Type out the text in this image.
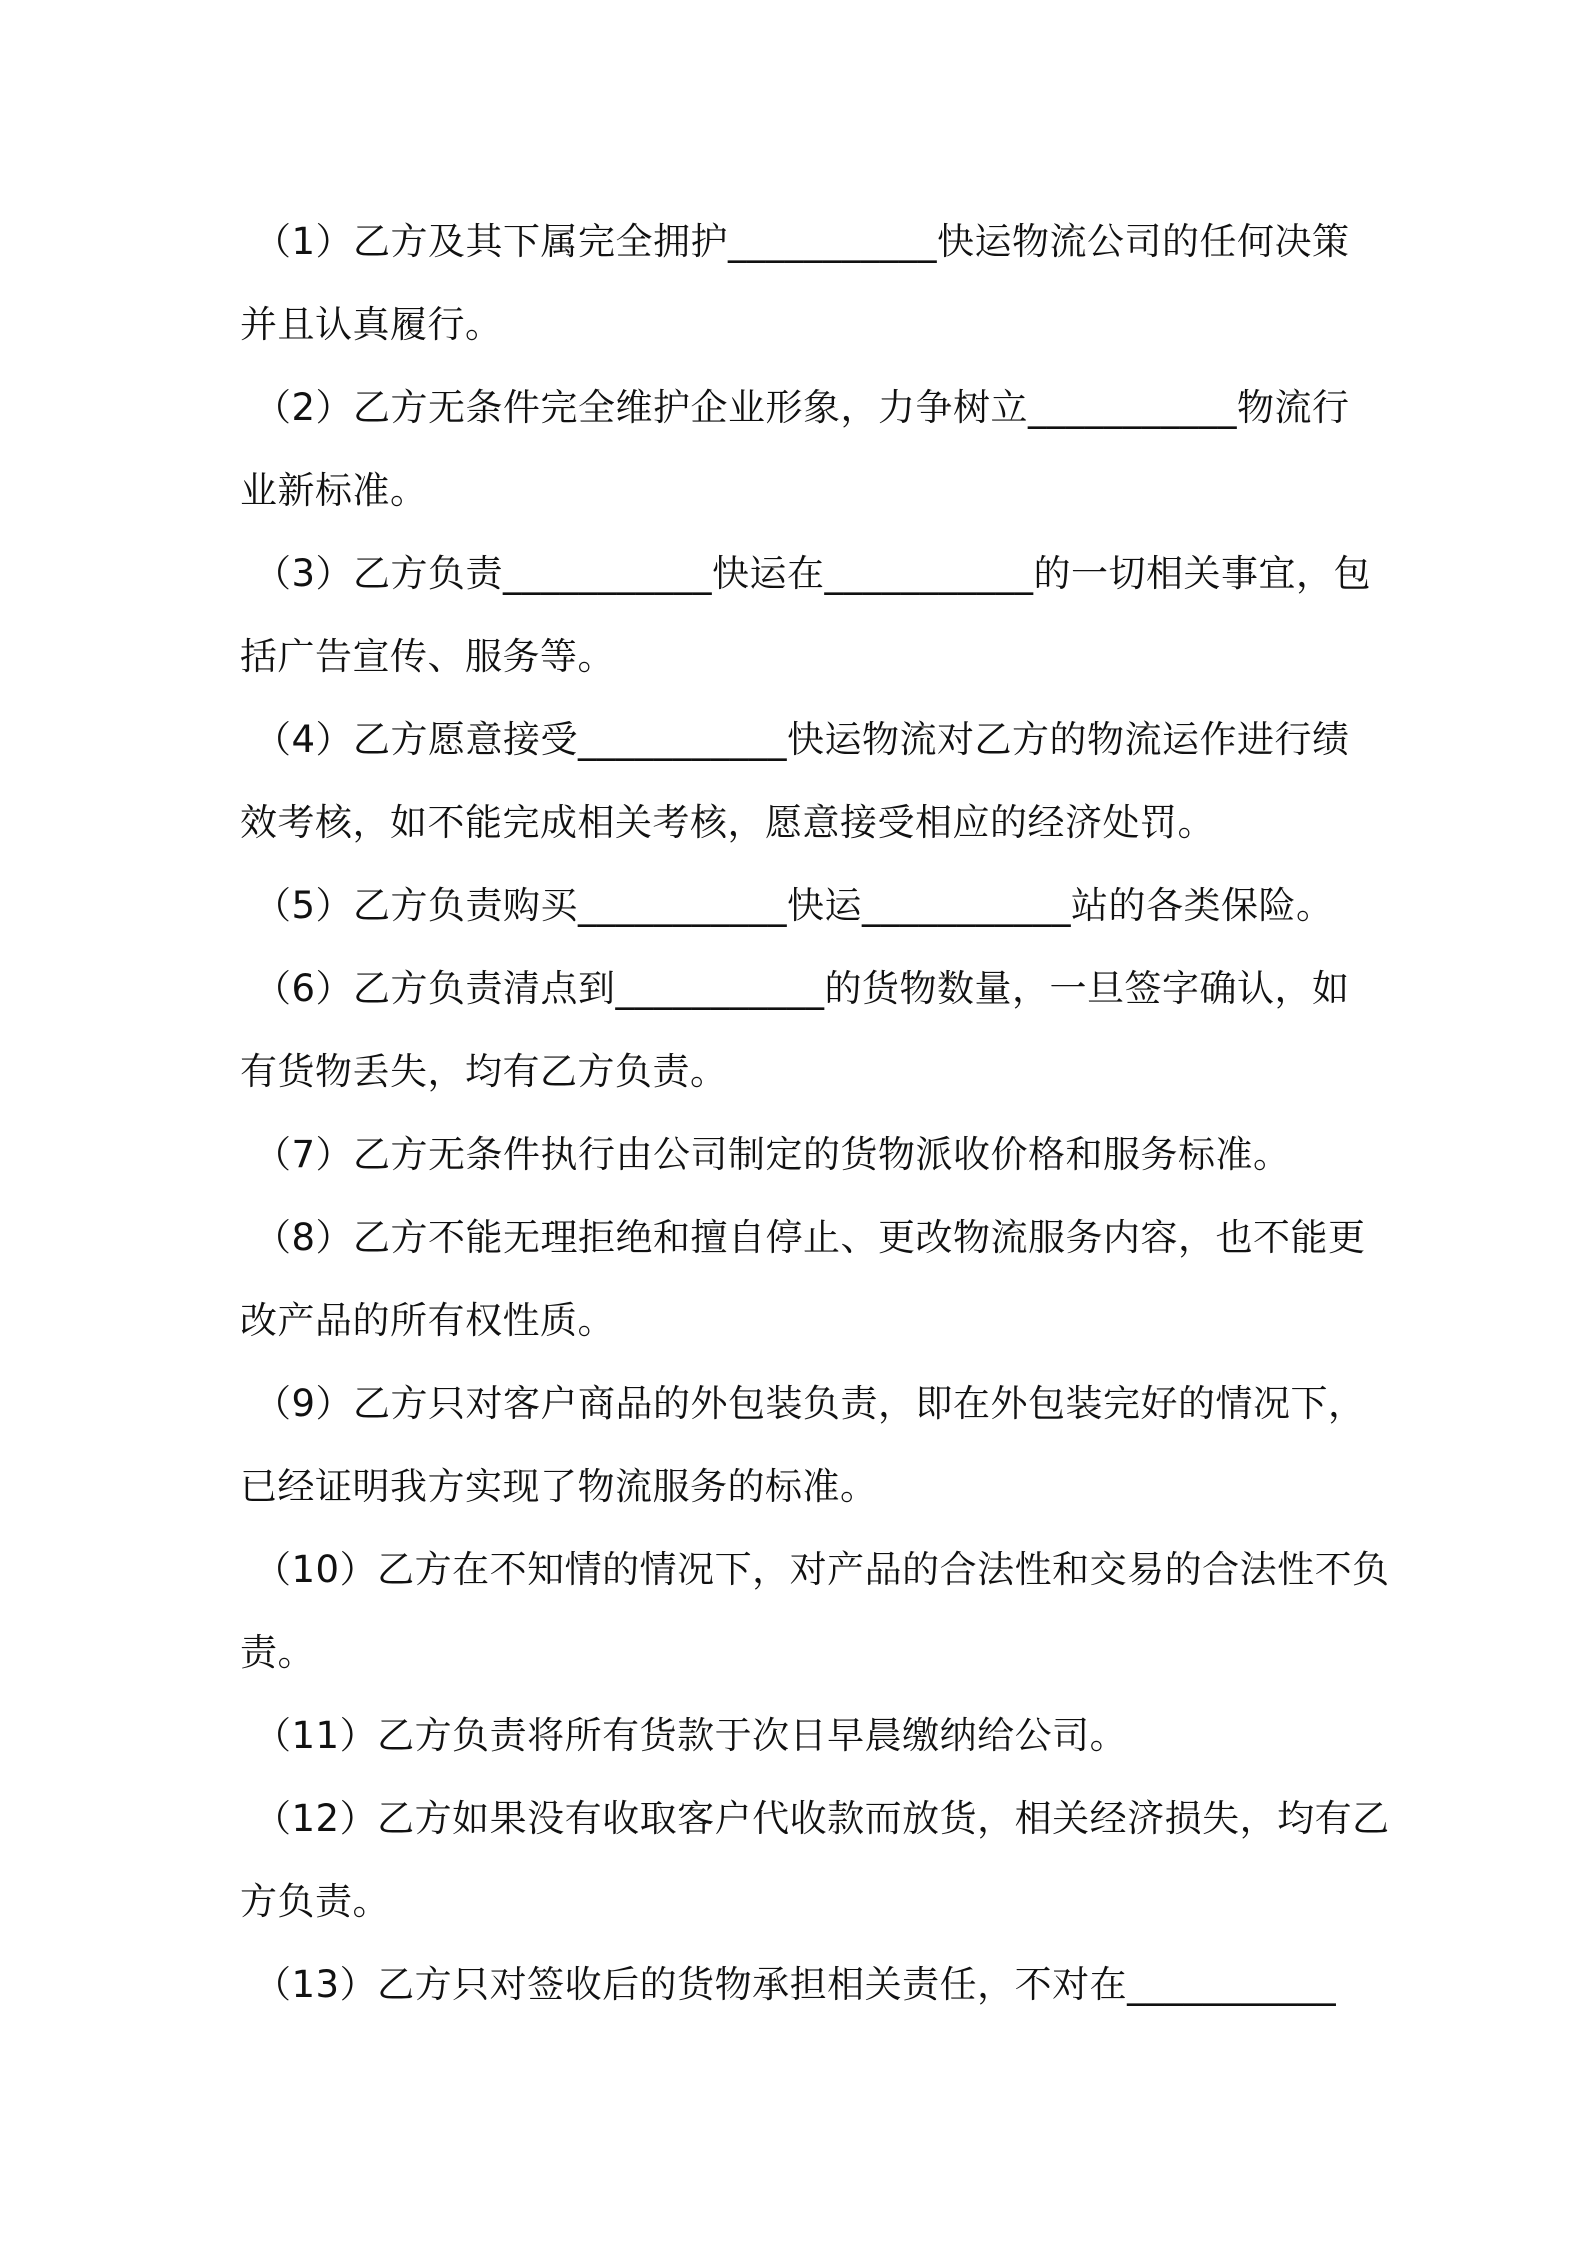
（1）乙方及其下属完全拥护___________快运物流公司的任何决策
并且认真履行。
（2）乙方无条件完全维护企业形象，力争树立___________物流行
业新标准。
（3）乙方负责___________快运在___________的一切相关事宜，包
括广告宣传、服务等。
（4）乙方愿意接受___________快运物流对乙方的物流运作进行绩
效考核，如不能完成相关考核，愿意接受相应的经济处罚。
（5）乙方负责购买___________快运___________站的各类保险。
（6）乙方负责清点到___________的货物数量，一旦签字确认，如
有货物丢失，均有乙方负责。
（7）乙方无条件执行由公司制定的货物派收价格和服务标准。
（8）乙方不能无理拒绝和擅自停止、更改物流服务内容，也不能更
改产品的所有权性质。
（9）乙方只对客户商品的外包装负责，即在外包装完好的情况下，
已经证明我方实现了物流服务的标准。
（10）乙方在不知情的情况下，对产品的合法性和交易的合法性不负
责。
（11）乙方负责将所有货款于次日早晨缴纳给公司。
（12）乙方如果没有收取客户代收款而放货，相关经济损失，均有乙
方负责。
（13）乙方只对签收后的货物承担相关责任，不对在___________
